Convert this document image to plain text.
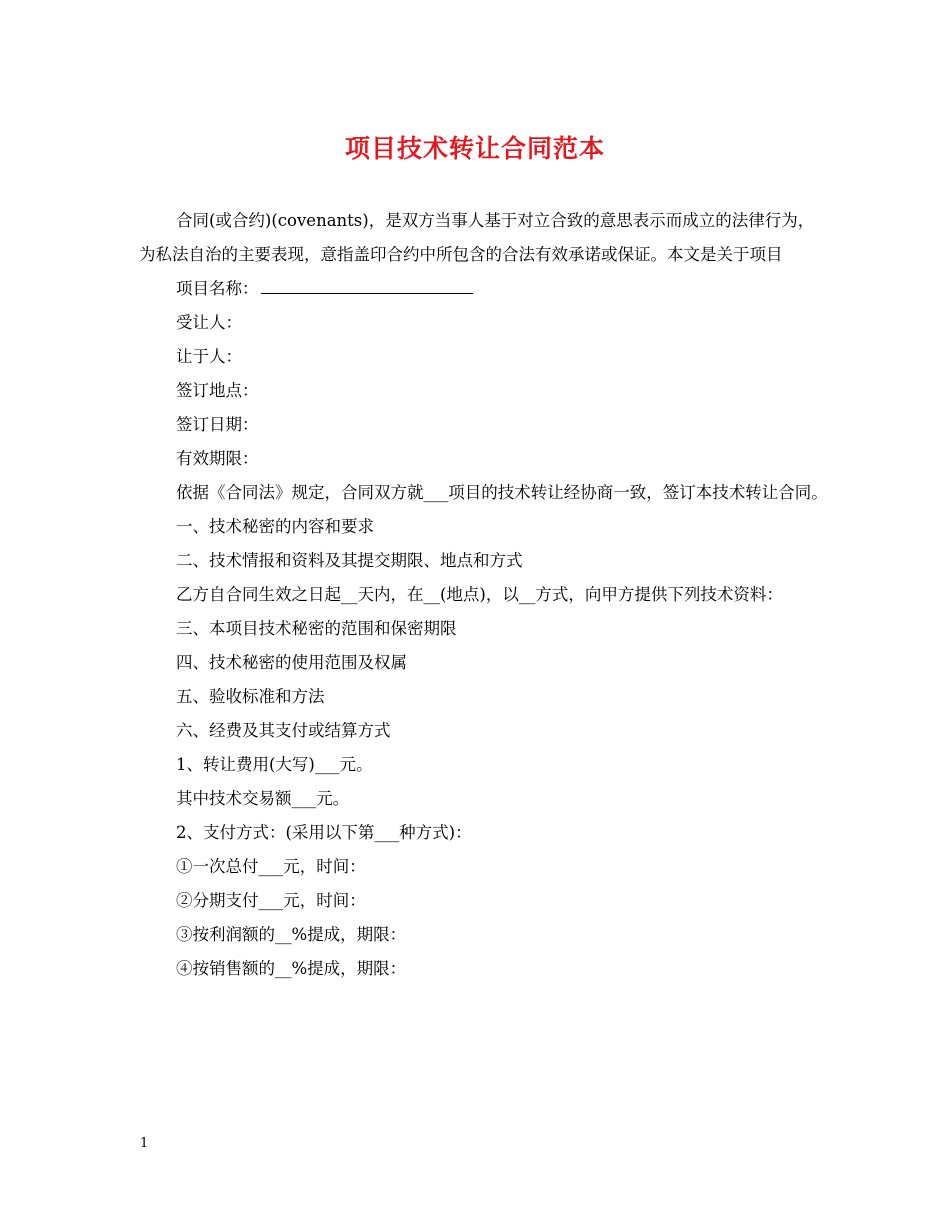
项目技术转让合同范本

合同(或合约)(covenants)，是双方当事人基于对立合致的意思表示而成立的法律行为，为私法自治的主要表现，意指盖印合约中所包含的合法有效承诺或保证。本文是关于项目

项目名称：

受让人：

让于人：

签订地点：

签订日期：

有效期限：

依据《合同法》规定，合同双方就___项目的技术转让经协商一致，签订本技术转让合同。

一、技术秘密的内容和要求

二、技术情报和资料及其提交期限、地点和方式

乙方自合同生效之日起__天内，在__(地点)，以__方式，向甲方提供下列技术资料：

三、本项目技术秘密的范围和保密期限

四、技术秘密的使用范围及权属

五、验收标准和方法

六、经费及其支付或结算方式

1、转让费用(大写)___元。

其中技术交易额___元。

2、支付方式：(采用以下第___种方式)：

①一次总付___元，时间：

②分期支付___元，时间：

③按利润额的__%提成，期限：

④按销售额的__%提成，期限：

1
